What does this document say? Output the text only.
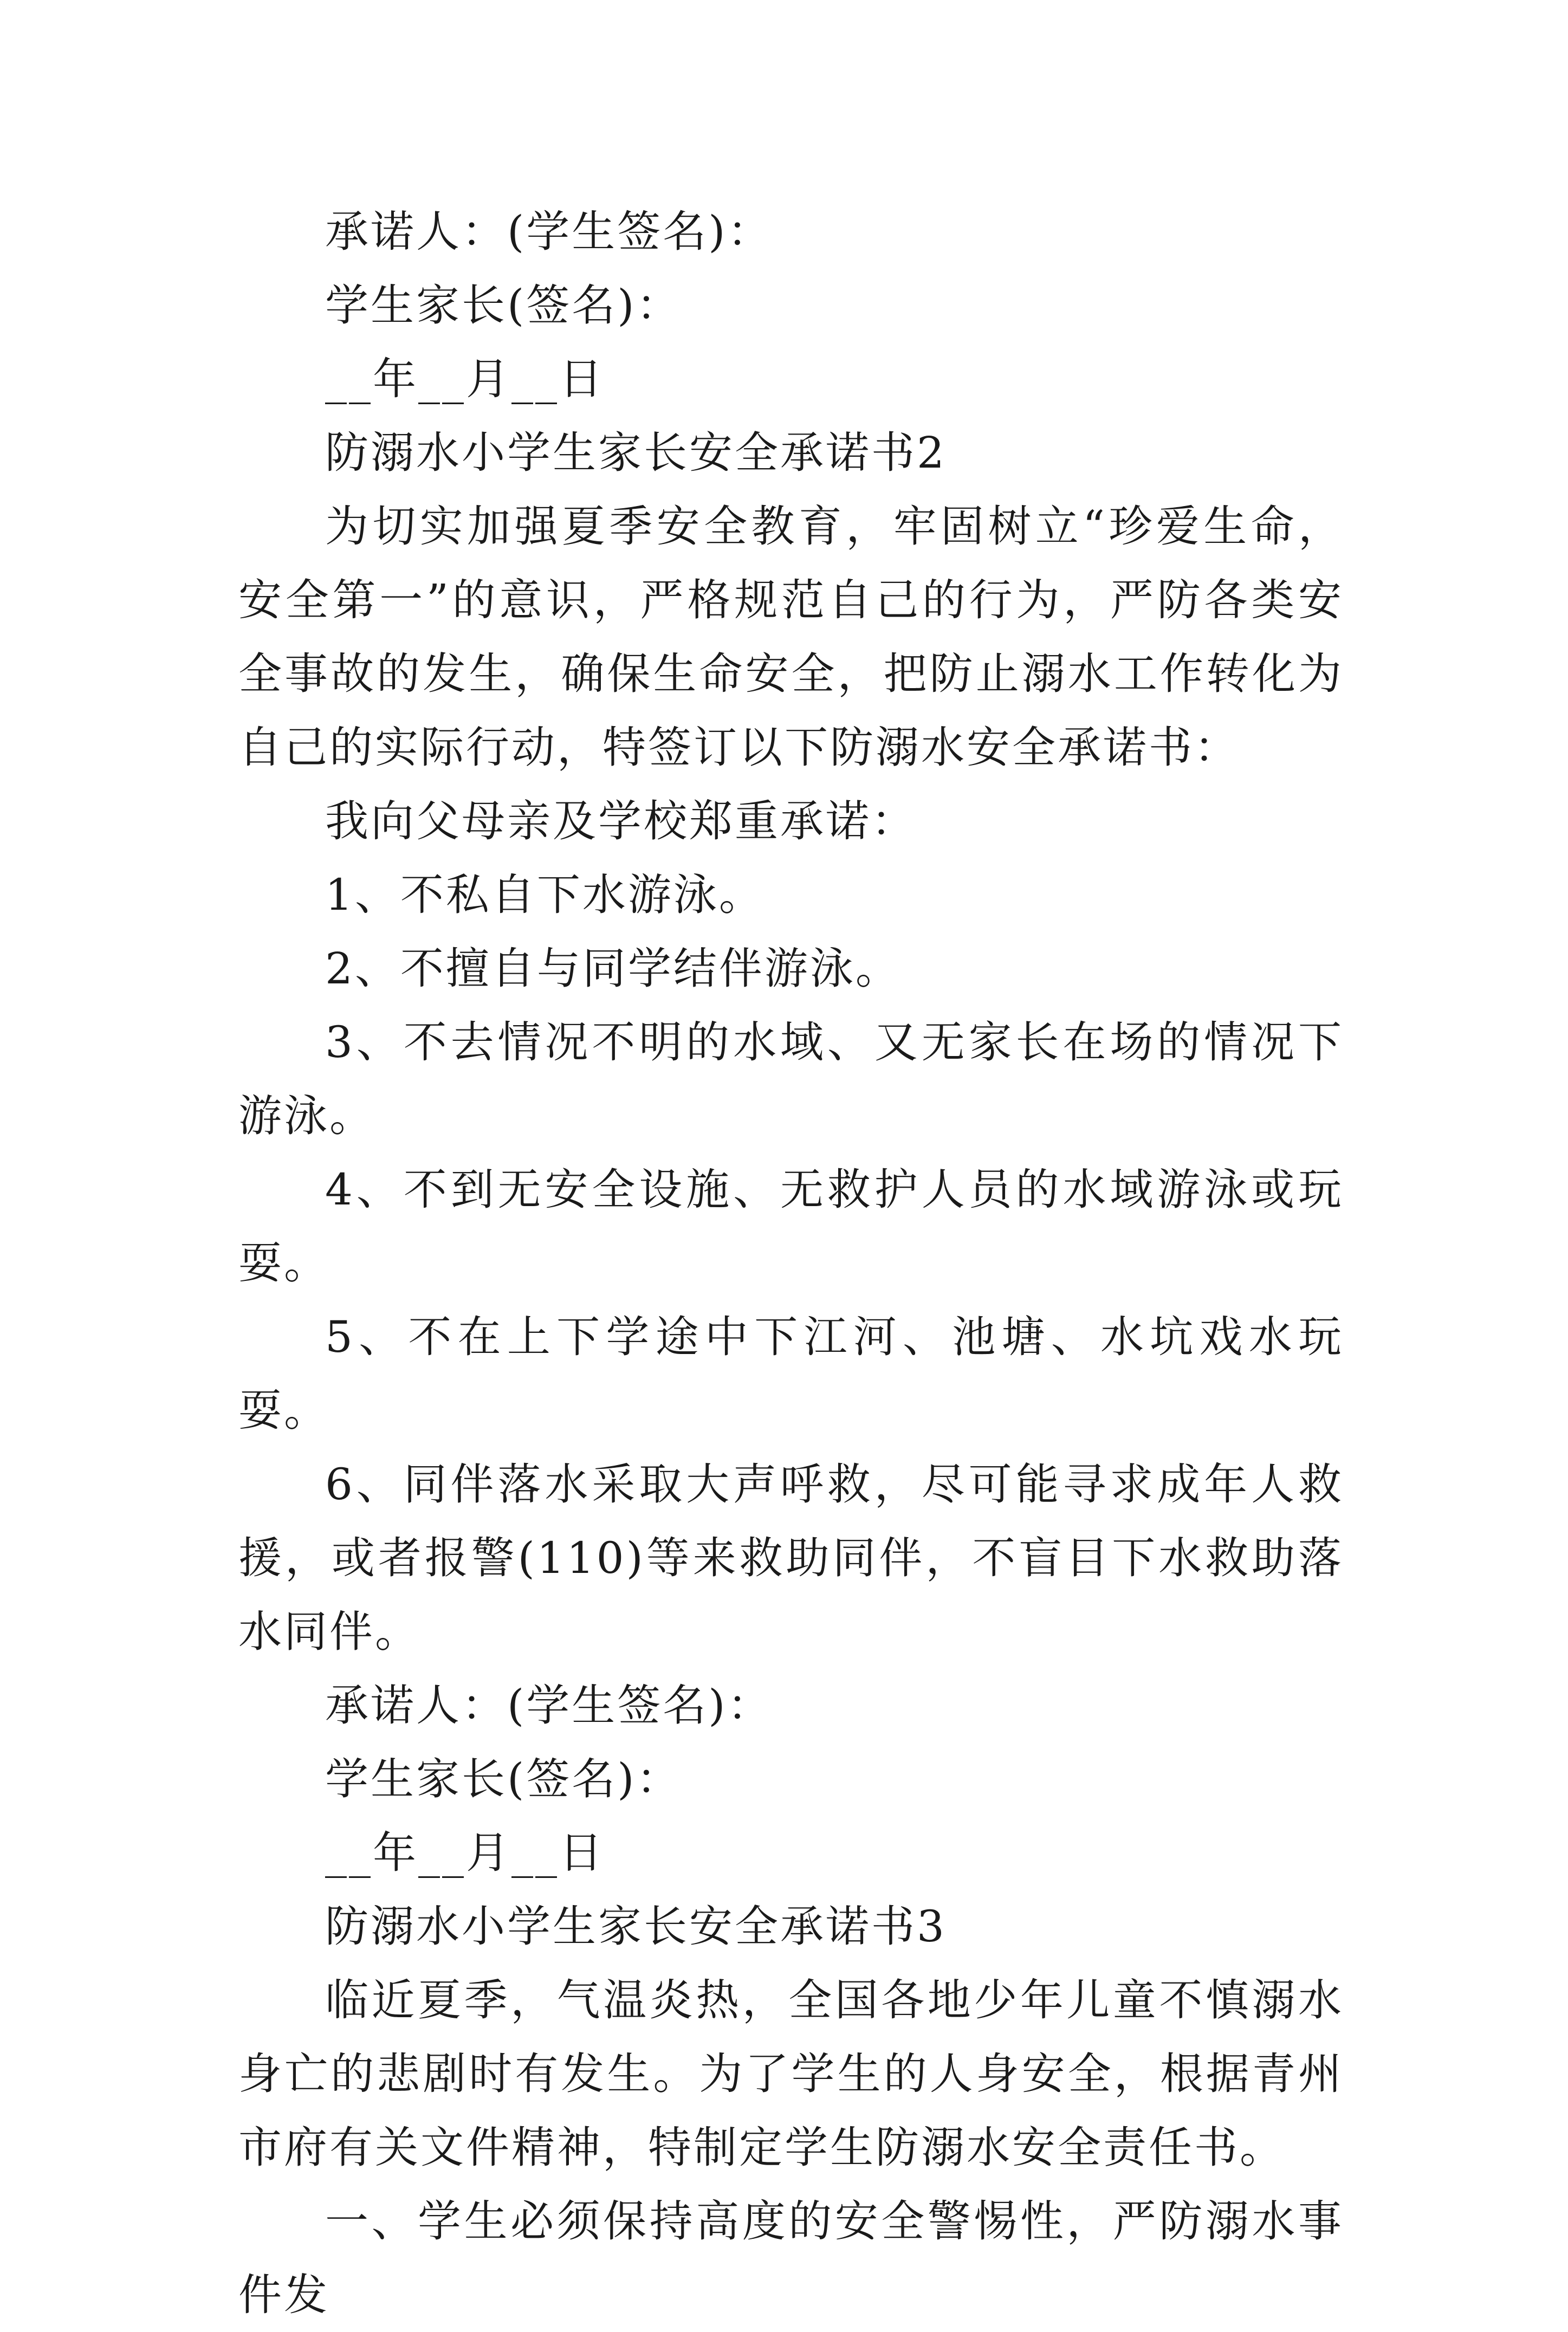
承诺人：(学生签名)：

学生家长(签名)：

__年__月__日

防溺水小学生家长安全承诺书2

为切实加强夏季安全教育，牢固树立“珍爱生命，安全第一”的意识，严格规范自己的行为，严防各类安全事故的发生，确保生命安全，把防止溺水工作转化为自己的实际行动，特签订以下防溺水安全承诺书：

我向父母亲及学校郑重承诺：

1、不私自下水游泳。

2、不擅自与同学结伴游泳。

3、不去情况不明的水域、又无家长在场的情况下游泳。

4、不到无安全设施、无救护人员的水域游泳或玩耍。

5、不在上下学途中下江河、池塘、水坑戏水玩耍。

6、同伴落水采取大声呼救，尽可能寻求成年人救援，或者报警(110)等来救助同伴，不盲目下水救助落水同伴。

承诺人：(学生签名)：

学生家长(签名)：

__年__月__日

防溺水小学生家长安全承诺书3

临近夏季，气温炎热，全国各地少年儿童不慎溺水身亡的悲剧时有发生。为了学生的人身安全，根据青州市府有关文件精神，特制定学生防溺水安全责任书。

一、学生必须保持高度的安全警惕性，严防溺水事件发
